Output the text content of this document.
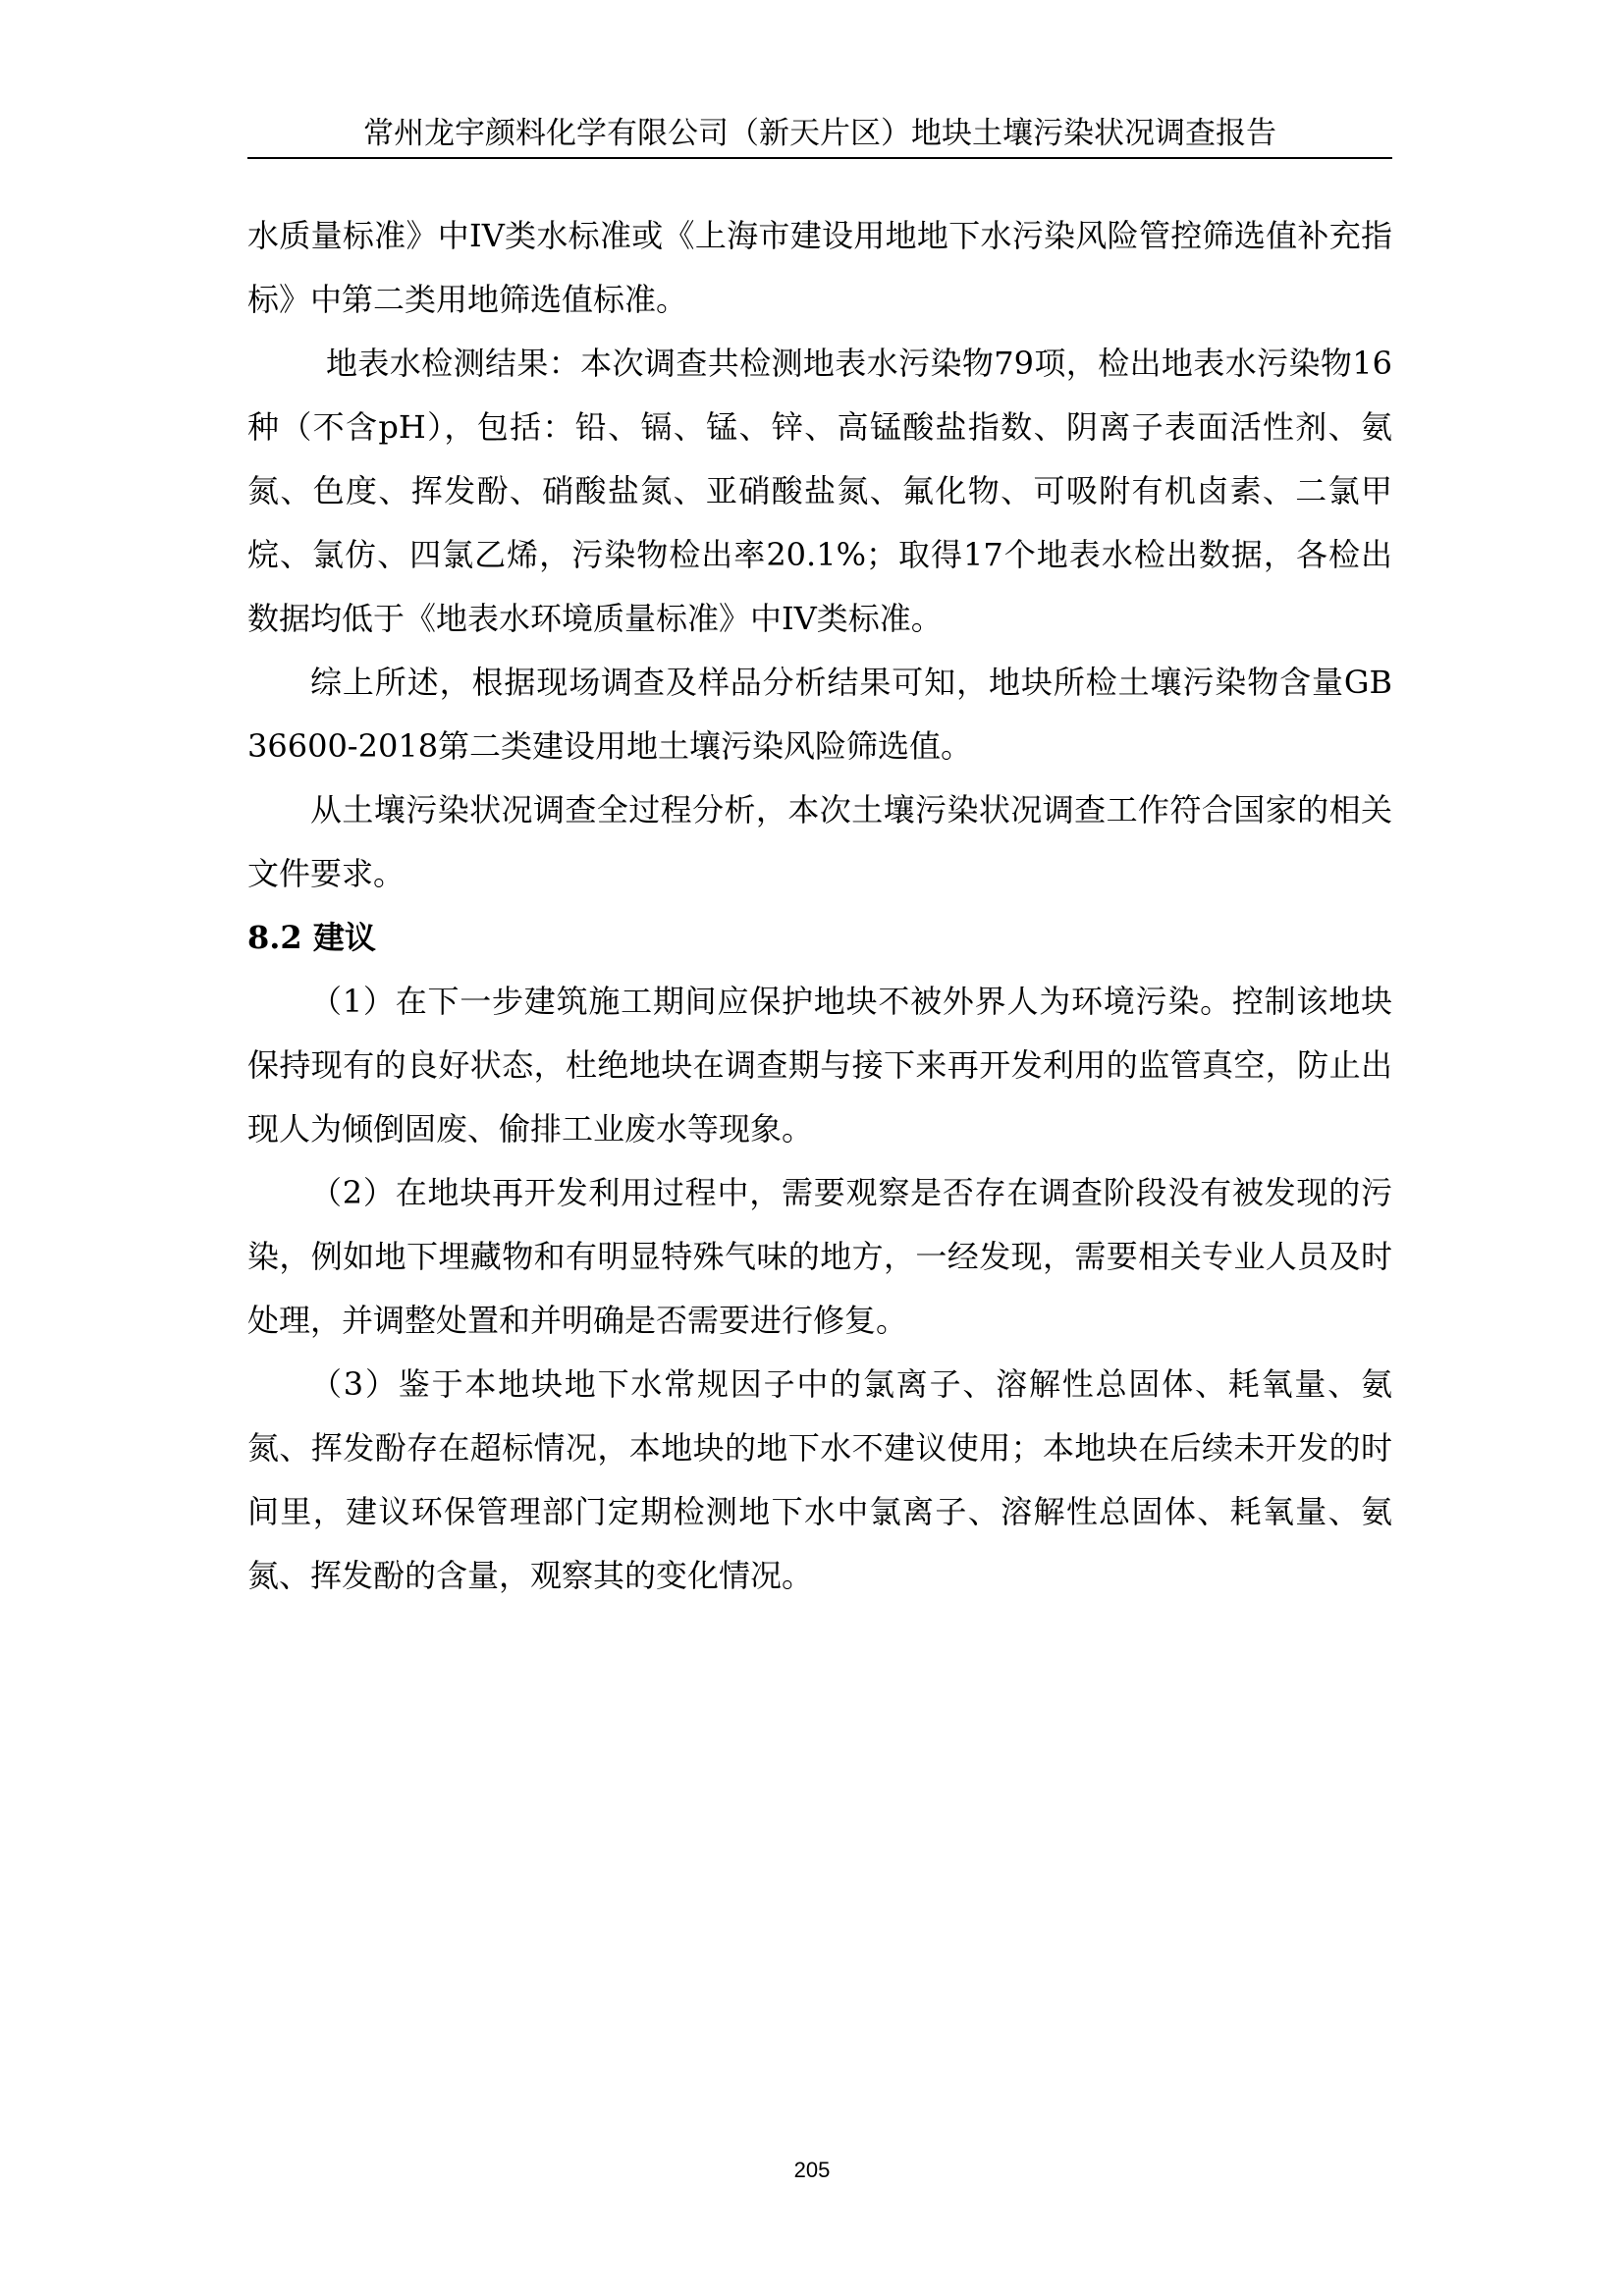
常州龙宇颜料化学有限公司（新天片区）地块土壤污染状况调查报告

水质量标准》中IV类水标准或《上海市建设用地地下水污染风险管控筛选值补充指标》中第二类用地筛选值标准。

地表水检测结果：本次调查共检测地表水污染物79项，检出地表水污染物16种（不含pH），包括：铅、镉、锰、锌、高锰酸盐指数、阴离子表面活性剂、氨氮、色度、挥发酚、硝酸盐氮、亚硝酸盐氮、氟化物、可吸附有机卤素、二氯甲烷、氯仿、四氯乙烯，污染物检出率20.1%；取得17个地表水检出数据，各检出数据均低于《地表水环境质量标准》中IV类标准。

综上所述，根据现场调查及样品分析结果可知，地块所检土壤污染物含量GB 36600-2018第二类建设用地土壤污染风险筛选值。

从土壤污染状况调查全过程分析，本次土壤污染状况调查工作符合国家的相关文件要求。

8.2 建议

（1）在下一步建筑施工期间应保护地块不被外界人为环境污染。控制该地块保持现有的良好状态，杜绝地块在调查期与接下来再开发利用的监管真空，防止出现人为倾倒固废、偷排工业废水等现象。

（2）在地块再开发利用过程中，需要观察是否存在调查阶段没有被发现的污染，例如地下埋藏物和有明显特殊气味的地方，一经发现，需要相关专业人员及时处理，并调整处置和并明确是否需要进行修复。

（3）鉴于本地块地下水常规因子中的氯离子、溶解性总固体、耗氧量、氨氮、挥发酚存在超标情况，本地块的地下水不建议使用；本地块在后续未开发的时间里，建议环保管理部门定期检测地下水中氯离子、溶解性总固体、耗氧量、氨氮、挥发酚的含量，观察其的变化情况。

205
